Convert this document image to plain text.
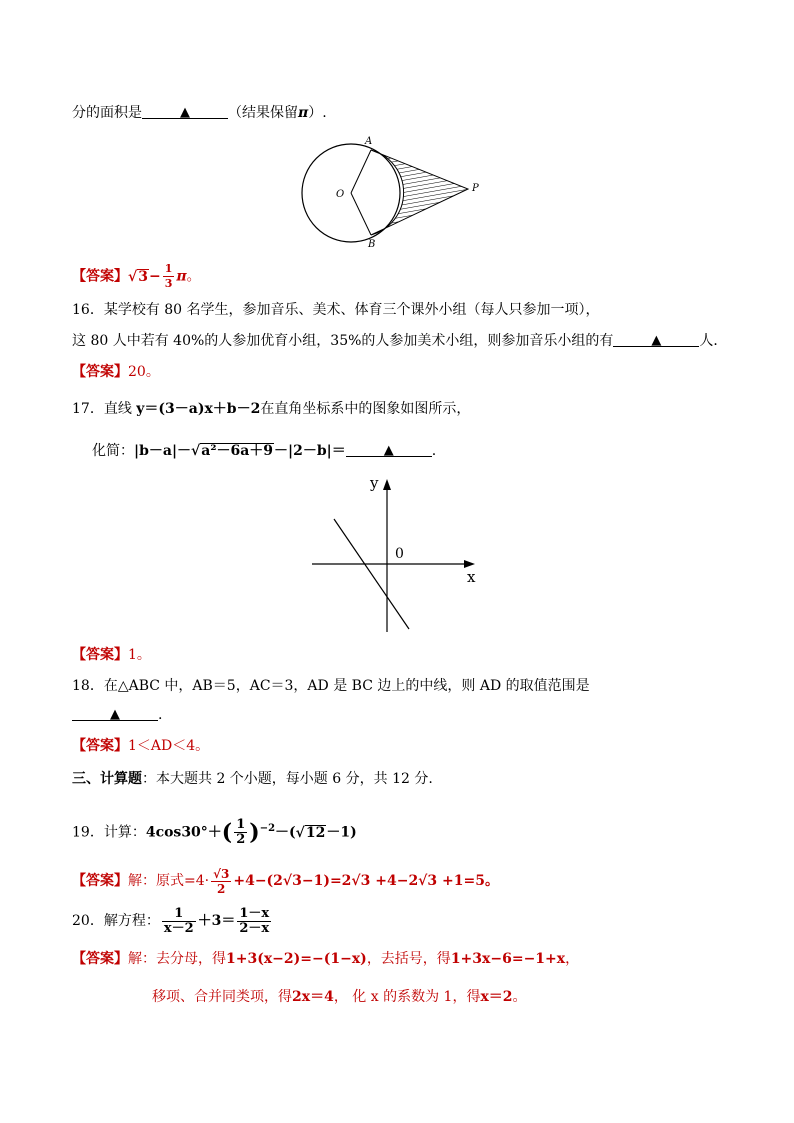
分的面积是	▲	（结果保留π）.
A
B
O
P
【答案】$√3- \frac{1}{3}$ π。
16．某学校有 80 名学生，参加音乐、美术、体育三个课外小组（每人只参加一项），
这 80 人中若有 40%的人参加优育小组，35%的人参加美术小组，则参加音乐小组的有	▲	人．
【答案】20。
17．直线 y＝(3－a)x＋b－2在直角坐标系中的图象如图所示，
化简：|b－a|－√a²－6a＋9－|2－b|＝	▲	.
y
x
0
【答案】1。
18．在△ABC 中，AB＝5，AC＝3，AD 是 BC 边上的中线，则 AD 的取值范围是
▲	.
【答案】1＜AD＜4。
三、计算题：本大题共 2 个小题，每小题 6 分，共 12 分.
19．计算：$4\cos 30^\circ+( \frac{1}{2} )^{-2}-(√12-1)$
【答案】解：原式$=4\cdot \frac{√3}{2} +4-(2√3-1)=2√3 +4-2√3 +1=5$。
20．解方程： $\frac{1}{x-2} +3= \frac{1-x}{2-x}$
【答案】解：去分母，得1+3(x−2)=−(1−x)，去括号，得1+3x−6=−1+x，
移项、合并同类项，得2x＝4， 化 x 的系数为 1，得x＝2。
